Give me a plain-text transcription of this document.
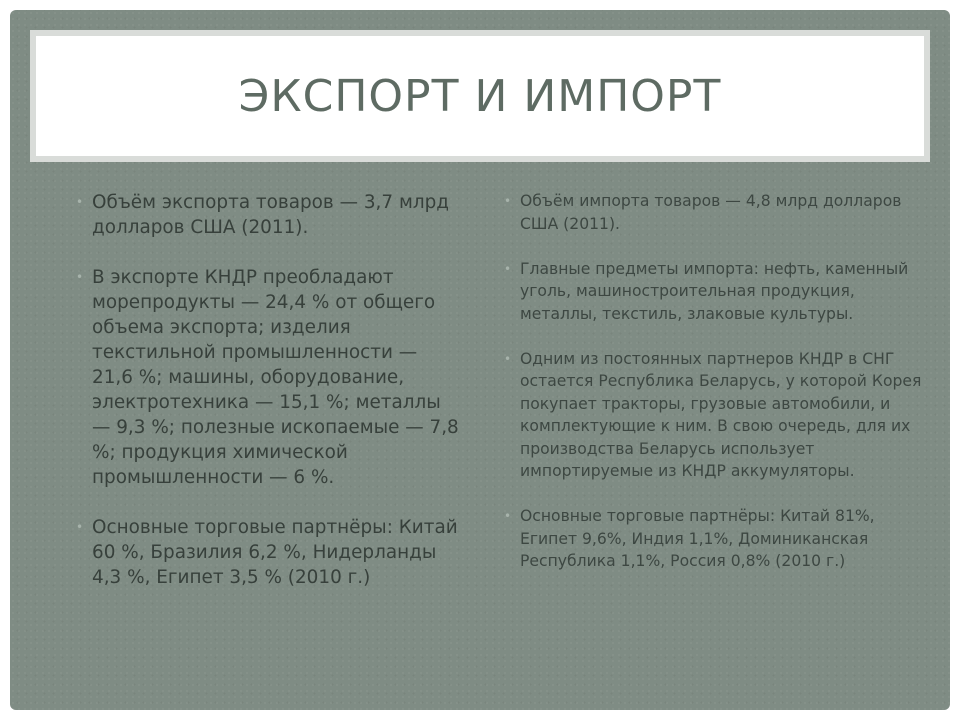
ЭКСПОРТ И ИМПОРТ
• Объём экспорта товаров — 3,7 млрд долларов США (2011).
• В экспорте КНДР преобладают морепродукты — 24,4 % от общего объема экспорта; изделия текстильной промышленности — 21,6 %; машины, оборудование, электротехника — 15,1 %; металлы — 9,3 %; полезные ископаемые — 7,8 %; продукция химической промышленности — 6 %.
• Основные торговые партнёры: Китай 60 %, Бразилия 6,2 %, Нидерланды 4,3 %, Египет 3,5 % (2010 г.)
• Объём импорта товаров — 4,8 млрд долларов США (2011).
• Главные предметы импорта: нефть, каменный уголь, машиностроительная продукция, металлы, текстиль, злаковые культуры.
• Одним из постоянных партнеров КНДР в СНГ остается Республика Беларусь, у которой Корея покупает тракторы, грузовые автомобили, и комплектующие к ним. В свою очередь, для их производства Беларусь использует импортируемые из КНДР аккумуляторы.
• Основные торговые партнёры: Китай 81%, Египет 9,6%, Индия 1,1%, Доминиканская Республика 1,1%, Россия 0,8% (2010 г.)
